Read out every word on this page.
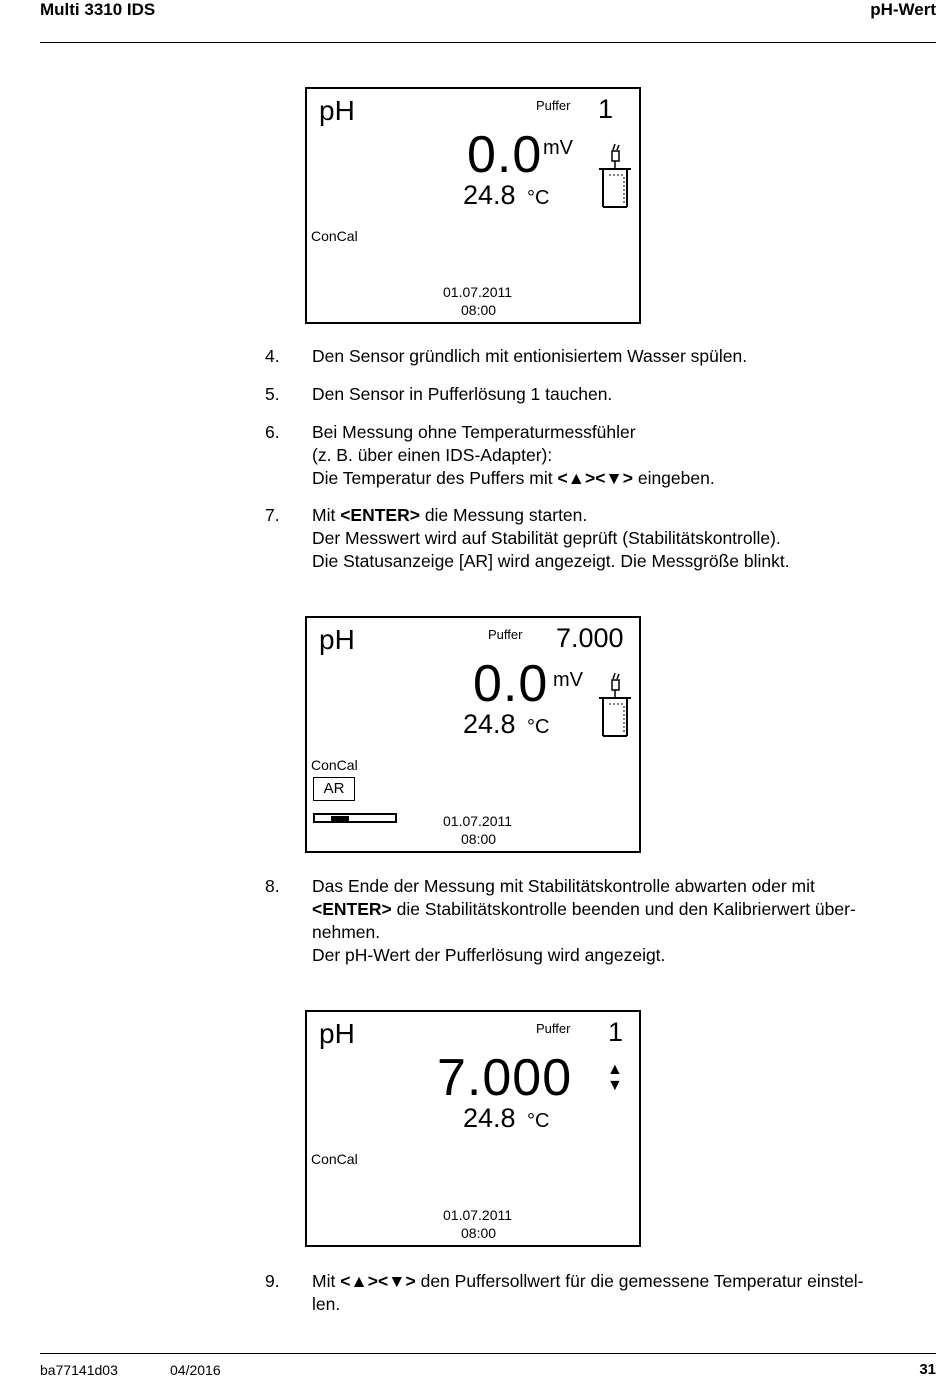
Multi 3310 IDS	pH-Wert
pH	Puffer 1
0.0 mV
24.8 °C
ConCal
01.07.2011
08:00
4. Den Sensor gründlich mit entionisiertem Wasser spülen.
5. Den Sensor in Pufferlösung 1 tauchen.
6. Bei Messung ohne Temperaturmessfühler
(z. B. über einen IDS-Adapter):
Die Temperatur des Puffers mit <▲><▼> eingeben.
7. Mit <ENTER> die Messung starten.
Der Messwert wird auf Stabilität geprüft (Stabilitätskontrolle).
Die Statusanzeige [AR] wird angezeigt. Die Messgröße blinkt.
pH	Puffer 7.000
0.0 mV
24.8 °C
ConCal
AR
01.07.2011
08:00
8. Das Ende der Messung mit Stabilitätskontrolle abwarten oder mit
<ENTER> die Stabilitätskontrolle beenden und den Kalibrierwert über-
nehmen.
Der pH-Wert der Pufferlösung wird angezeigt.
pH	Puffer 1
7.000 ▲
▼
24.8 °C
ConCal
01.07.2011
08:00
9. Mit <▲><▼> den Puffersollwert für die gemessene Temperatur einstel-
len.
ba77141d03	04/2016	31
